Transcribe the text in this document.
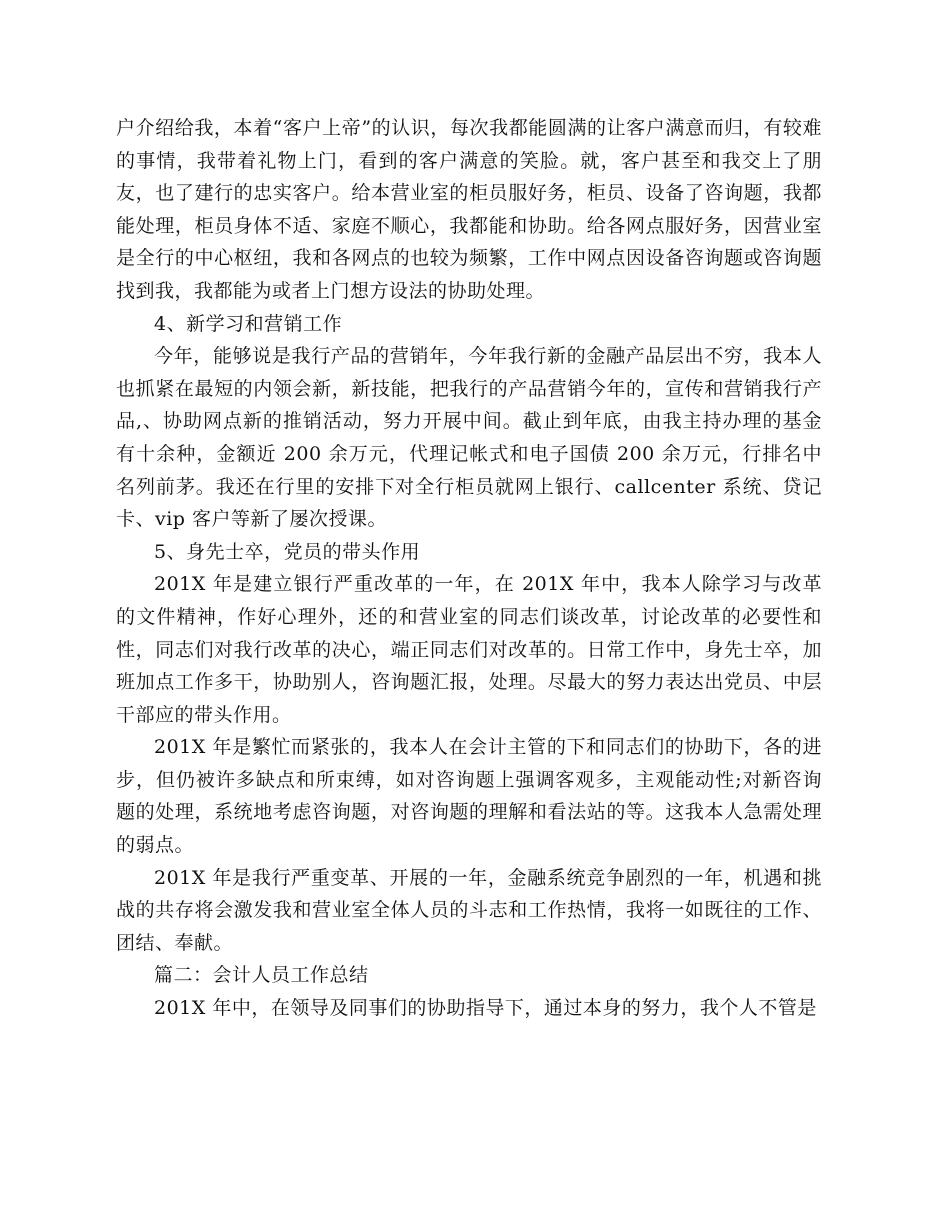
户介绍给我，本着“客户上帝”的认识，每次我都能圆满的让客户满意而归，有较难的事情，我带着礼物上门，看到的客户满意的笑脸。就，客户甚至和我交上了朋友，也了建行的忠实客户。给本营业室的柜员服好务，柜员、设备了咨询题，我都能处理，柜员身体不适、家庭不顺心，我都能和协助。给各网点服好务，因营业室是全行的中心枢纽，我和各网点的也较为频繁，工作中网点因设备咨询题或咨询题找到我，我都能为或者上门想方设法的协助处理。

4、新学习和营销工作

今年，能够说是我行产品的营销年，今年我行新的金融产品层出不穷，我本人也抓紧在最短的内领会新，新技能，把我行的产品营销今年的，宣传和营销我行产品,、协助网点新的推销活动，努力开展中间。截止到年底，由我主持办理的基金有十余种，金额近 200 余万元，代理记帐式和电子国债 200 余万元，行排名中名列前茅。我还在行里的安排下对全行柜员就网上银行、callcenter 系统、贷记卡、vip 客户等新了屡次授课。

5、身先士卒，党员的带头作用

201X 年是建立银行严重改革的一年，在 201X 年中，我本人除学习与改革的文件精神，作好心理外，还的和营业室的同志们谈改革，讨论改革的必要性和性，同志们对我行改革的决心，端正同志们对改革的。日常工作中，身先士卒，加班加点工作多干，协助别人，咨询题汇报，处理。尽最大的努力表达出党员、中层干部应的带头作用。

201X 年是繁忙而紧张的，我本人在会计主管的下和同志们的协助下，各的进步，但仍被许多缺点和所束缚，如对咨询题上强调客观多，主观能动性;对新咨询题的处理，系统地考虑咨询题，对咨询题的理解和看法站的等。这我本人急需处理的弱点。

201X 年是我行严重变革、开展的一年，金融系统竞争剧烈的一年，机遇和挑战的共存将会激发我和营业室全体人员的斗志和工作热情，我将一如既往的工作、团结、奉献。

篇二：会计人员工作总结

201X 年中，在领导及同事们的协助指导下，通过本身的努力，我个人不管是
